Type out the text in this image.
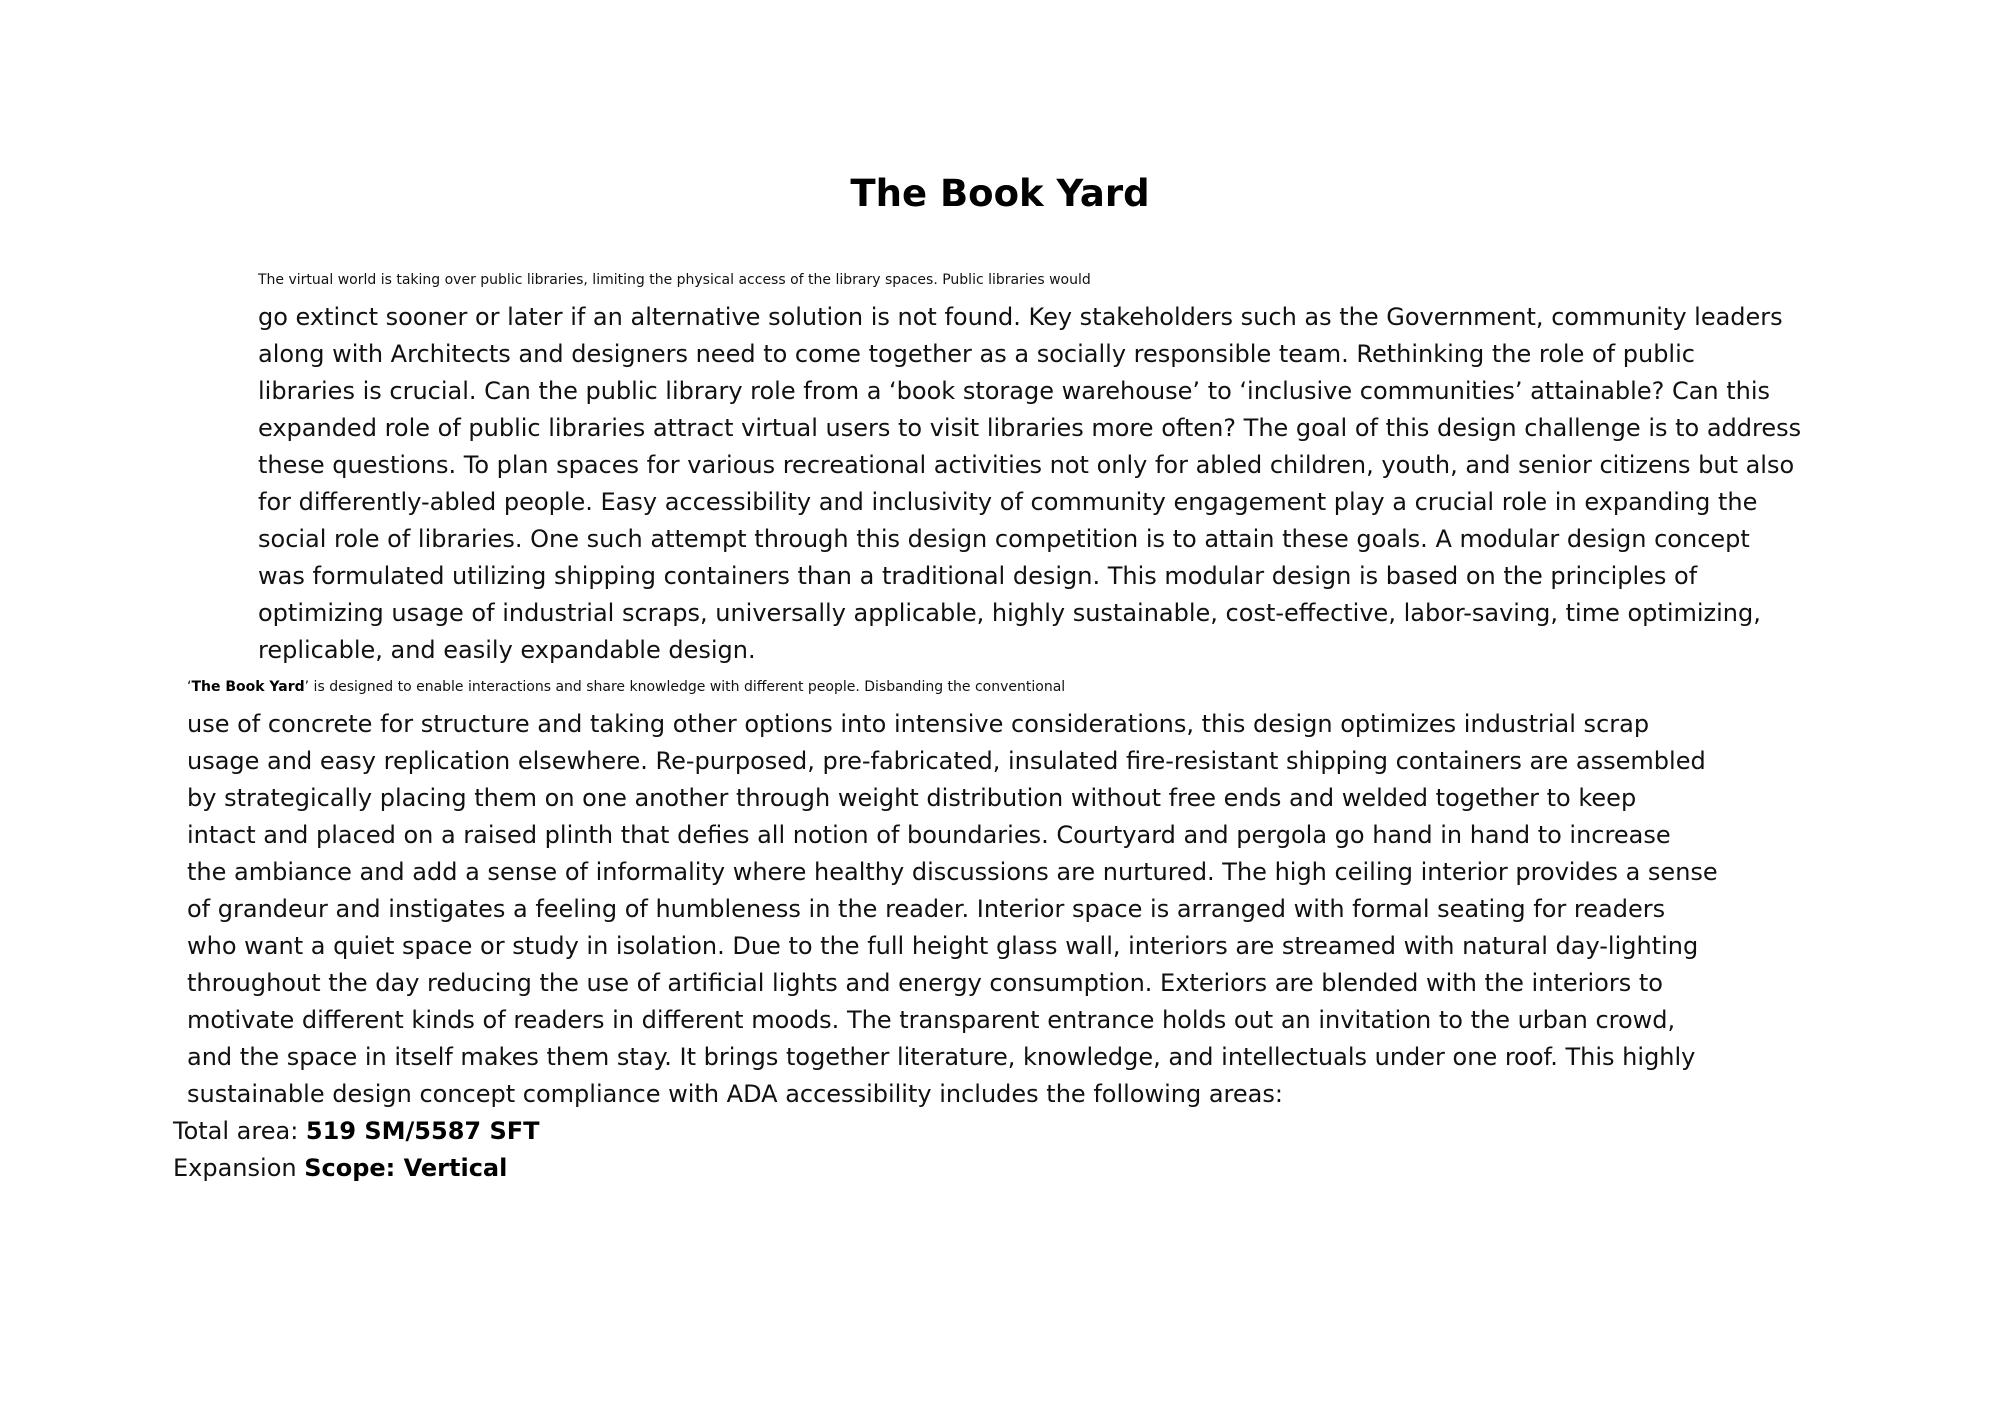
The Book Yard

The virtual world is taking over public libraries, limiting the physical access of the library spaces. Public libraries would
go extinct sooner or later if an alternative solution is not found. Key stakeholders such as the Government, community leaders
along with Architects and designers need to come together as a socially responsible team. Rethinking the role of public
libraries is crucial. Can the public library role from a ‘book storage warehouse’ to ‘inclusive communities’ attainable? Can this
expanded role of public libraries attract virtual users to visit libraries more often? The goal of this design challenge is to address
these questions. To plan spaces for various recreational activities not only for abled children, youth, and senior citizens but also
for differently-abled people. Easy accessibility and inclusivity of community engagement play a crucial role in expanding the
social role of libraries. One such attempt through this design competition is to attain these goals. A modular design concept
was formulated utilizing shipping containers than a traditional design. This modular design is based on the principles of
optimizing usage of industrial scraps, universally applicable, highly sustainable, cost-effective, labor-saving, time optimizing,
replicable, and easily expandable design.

‘The Book Yard’ is designed to enable interactions and share knowledge with different people. Disbanding the conventional
use of concrete for structure and taking other options into intensive considerations, this design optimizes industrial scrap
usage and easy replication elsewhere. Re-purposed, pre-fabricated, insulated fire-resistant shipping containers are assembled
by strategically placing them on one another through weight distribution without free ends and welded together to keep
intact and placed on a raised plinth that defies all notion of boundaries. Courtyard and pergola go hand in hand to increase
the ambiance and add a sense of informality where healthy discussions are nurtured. The high ceiling interior provides a sense
of grandeur and instigates a feeling of humbleness in the reader. Interior space is arranged with formal seating for readers
who want a quiet space or study in isolation. Due to the full height glass wall, interiors are streamed with natural day-lighting
throughout the day reducing the use of artificial lights and energy consumption. Exteriors are blended with the interiors to
motivate different kinds of readers in different moods. The transparent entrance holds out an invitation to the urban crowd,
and the space in itself makes them stay. It brings together literature, knowledge, and intellectuals under one roof. This highly
sustainable design concept compliance with ADA accessibility includes the following areas:

Total area: 519 SM/5587 SFT

Expansion Scope: Vertical
